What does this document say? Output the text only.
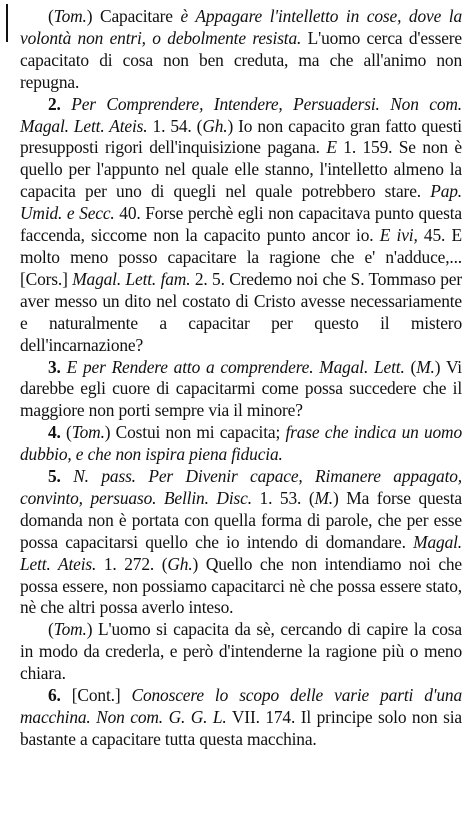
(Tom.) Capacitare è Appagare l'intelletto in cose, dove la volontà non entri, o debolmente resista. L'uomo cerca d'essere capacitato di cosa non ben creduta, ma che all'animo non repugna.

2. Per Comprendere, Intendere, Persuadersi. Non com. Magal. Lett. Ateis. 1. 54. (Gh.) Io non capacito gran fatto questi presupposti rigori dell'inquisizione pagana. E 1. 159. Se non è quello per l'appunto nel quale elle stanno, l'intelletto almeno la capacita per uno di quegli nel quale potrebbero stare. Pap. Umid. e Secc. 40. Forse perchè egli non capacitava punto questa faccenda, siccome non la capacito punto ancor io. E ivi, 45. E molto meno posso capacitare la ragione che e' n'adduce,... [Cors.] Magal. Lett. fam. 2. 5. Credemo noi che S. Tommaso per aver messo un dito nel costato di Cristo avesse necessariamente e naturalmente a capacitar per questo il mistero dell'incarnazione?

3. E per Rendere atto a comprendere. Magal. Lett. (M.) Vi darebbe egli cuore di capacitarmi come possa succedere che il maggiore non porti sempre via il minore?

4. (Tom.) Costui non mi capacita; frase che indica un uomo dubbio, e che non ispira piena fiducia.

5. N. pass. Per Divenir capace, Rimanere appagato, convinto, persuaso. Bellin. Disc. 1. 53. (M.) Ma forse questa domanda non è portata con quella forma di parole, che per esse possa capacitarsi quello che io intendo di domandare. Magal. Lett. Ateis. 1. 272. (Gh.) Quello che non intendiamo noi che possa essere, non possiamo capacitarci nè che possa essere stato, nè che altri possa averlo inteso.

(Tom.) L'uomo si capacita da sè, cercando di capire la cosa in modo da crederla, e però d'intenderne la ragione più o meno chiara.

6. [Cont.] Conoscere lo scopo delle varie parti d'una macchina. Non com. G. G. L. VII. 174. Il principe solo non sia bastante a capacitare tutta questa macchina.
